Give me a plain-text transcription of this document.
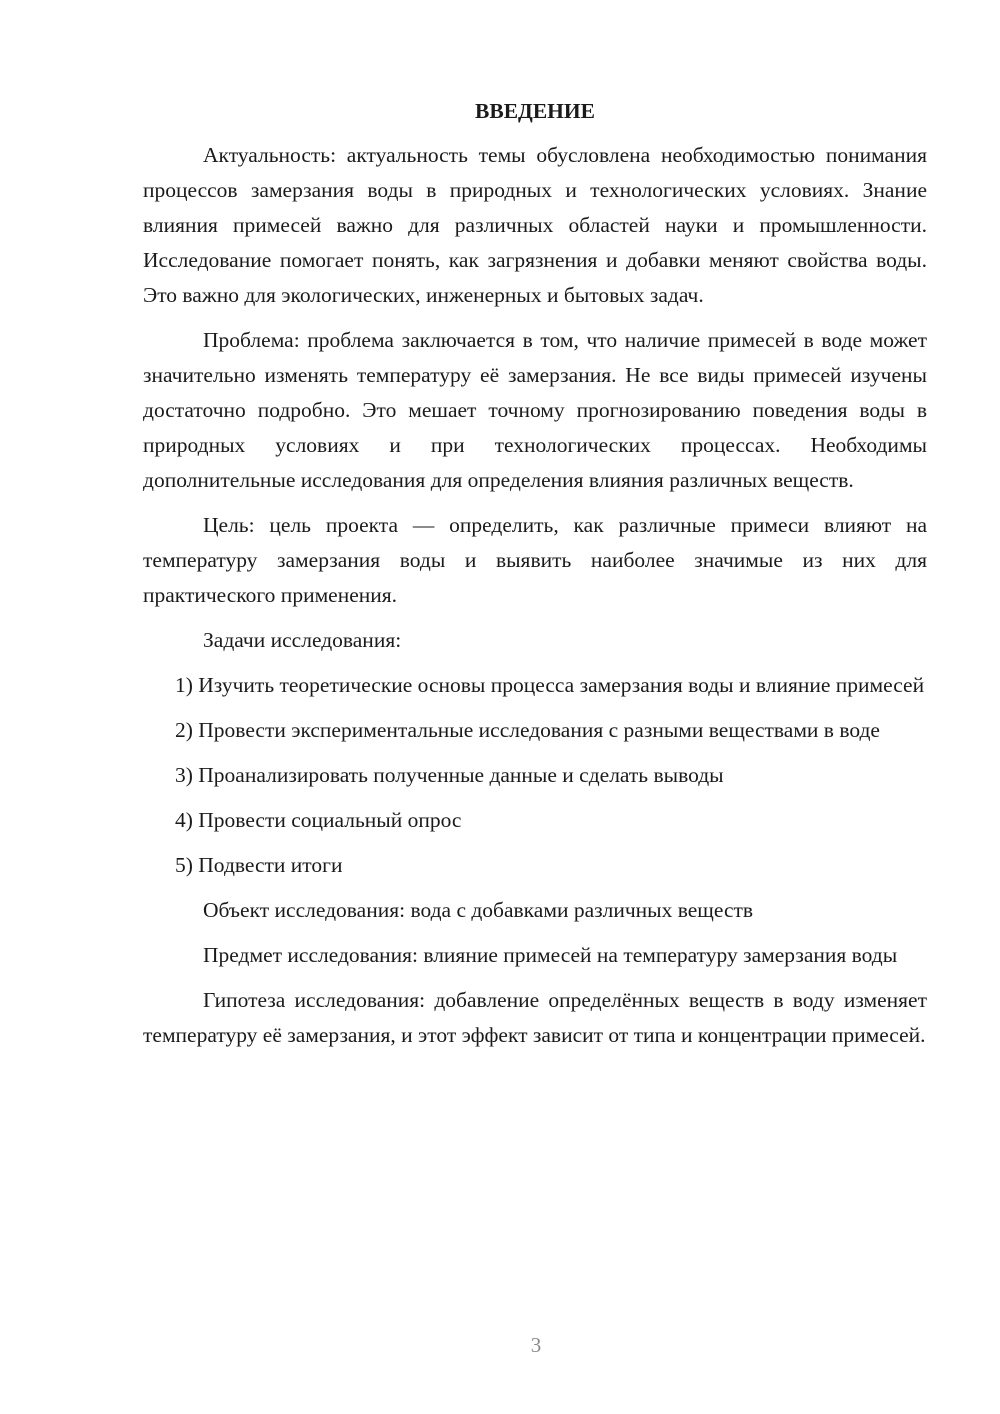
ВВЕДЕНИЕ

Актуальность: актуальность темы обусловлена необходимостью понимания процессов замерзания воды в природных и технологических условиях. Знание влияния примесей важно для различных областей науки и промышленности. Исследование помогает понять, как загрязнения и добавки меняют свойства воды. Это важно для экологических, инженерных и бытовых задач.

Проблема: проблема заключается в том, что наличие примесей в воде может значительно изменять температуру её замерзания. Не все виды примесей изучены достаточно подробно. Это мешает точному прогнозированию поведения воды в природных условиях и при технологических процессах. Необходимы дополнительные исследования для определения влияния различных веществ.

Цель: цель проекта — определить, как различные примеси влияют на температуру замерзания воды и выявить наиболее значимые из них для практического применения.

Задачи исследования:

1) Изучить теоретические основы процесса замерзания воды и влияние примесей

2) Провести экспериментальные исследования с разными веществами в воде

3) Проанализировать полученные данные и сделать выводы

4) Провести социальный опрос

5) Подвести итоги

Объект исследования: вода с добавками различных веществ

Предмет исследования: влияние примесей на температуру замерзания воды

Гипотеза исследования: добавление определённых веществ в воду изменяет температуру её замерзания, и этот эффект зависит от типа и концентрации примесей.

3
